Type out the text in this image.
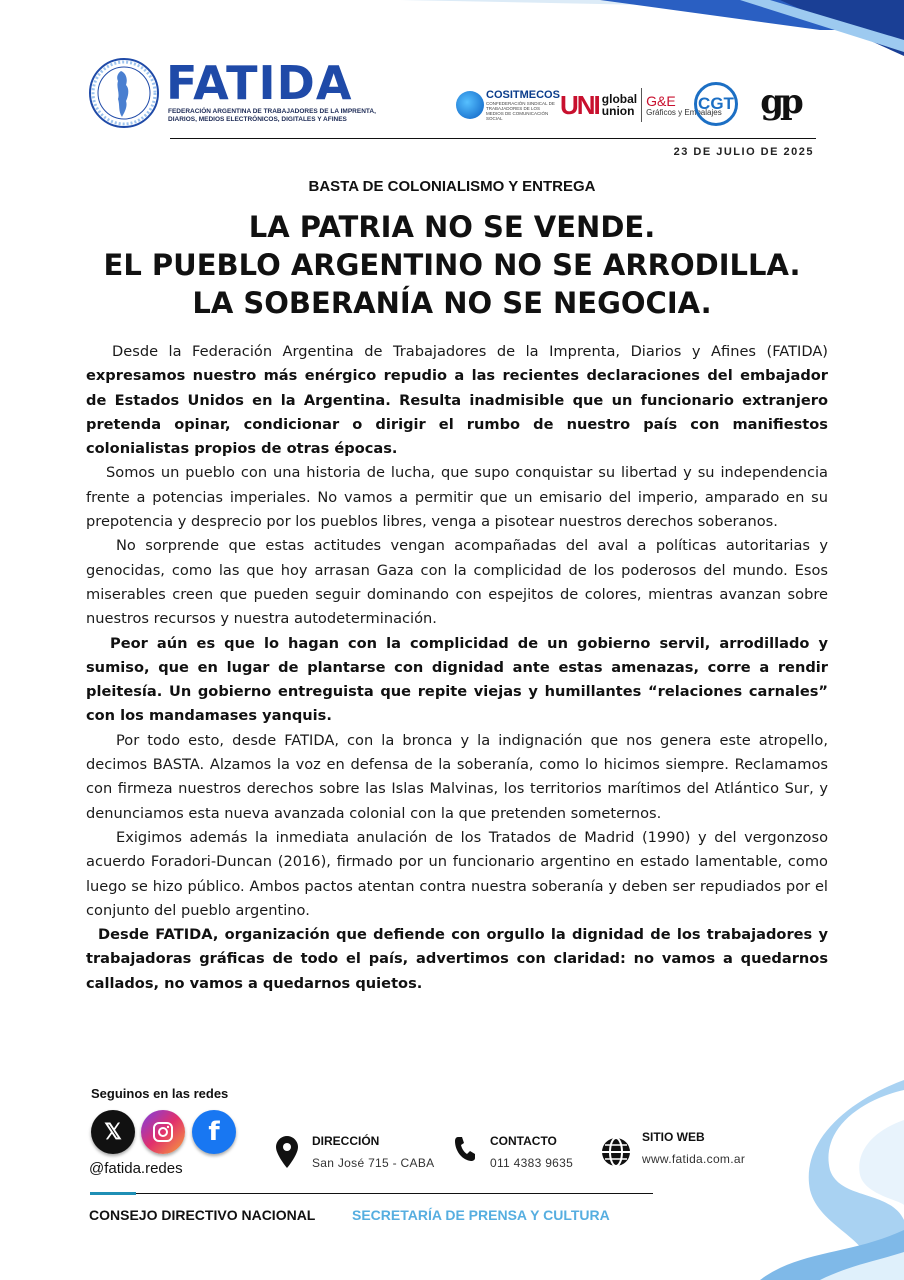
FATIDA
FEDERACIÓN ARGENTINA DE TRABAJADORES DE LA IMPRENTA, DIARIOS, MEDIOS ELECTRÓNICOS, DIGITALES Y AFINES
COSITMECOS
CONFEDERACIÓN SINDICAL DE TRABAJADORES DE LOS MEDIOS DE COMUNICACIÓN SOCIAL	UNI global
union
G&E
Gráficos y Embalajes
CGT gp
23 DE JULIO DE 2025
BASTA DE COLONIALISMO Y ENTREGA
LA PATRIA NO SE VENDE.
EL PUEBLO ARGENTINO NO SE ARRODILLA.
LA SOBERANÍA NO SE NEGOCIA.

Desde la Federación Argentina de Trabajadores de la Imprenta, Diarios y Afines (FATIDA) expresamos nuestro más enérgico repudio a las recientes declaraciones del embajador de Estados Unidos en la Argentina. Resulta inadmisible que un funcionario extranjero pretenda opinar, condicionar o dirigir el rumbo de nuestro país con manifiestos colonialistas propios de otras épocas.

Somos un pueblo con una historia de lucha, que supo conquistar su libertad y su independencia frente a potencias imperiales. No vamos a permitir que un emisario del imperio, amparado en su prepotencia y desprecio por los pueblos libres, venga a pisotear nuestros derechos soberanos.

No sorprende que estas actitudes vengan acompañadas del aval a políticas autoritarias y genocidas, como las que hoy arrasan Gaza con la complicidad de los poderosos del mundo. Esos miserables creen que pueden seguir dominando con espejitos de colores, mientras avanzan sobre nuestros recursos y nuestra autodeterminación.

Peor aún es que lo hagan con la complicidad de un gobierno servil, arrodillado y sumiso, que en lugar de plantarse con dignidad ante estas amenazas, corre a rendir pleitesía. Un gobierno entreguista que repite viejas y humillantes “relaciones carnales” con los mandamases yanquis.

Por todo esto, desde FATIDA, con la bronca y la indignación que nos genera este atropello, decimos BASTA. Alzamos la voz en defensa de la soberanía, como lo hicimos siempre. Reclamamos con firmeza nuestros derechos sobre las Islas Malvinas, los territorios marítimos del Atlántico Sur, y denunciamos esta nueva avanzada colonial con la que pretenden someternos.

Exigimos además la inmediata anulación de los Tratados de Madrid (1990) y del vergonzoso acuerdo Foradori-Duncan (2016), firmado por un funcionario argentino en estado lamentable, como luego se hizo público. Ambos pactos atentan contra nuestra soberanía y deben ser repudiados por el conjunto del pueblo argentino.

Desde FATIDA, organización que defiende con orgullo la dignidad de los trabajadores y trabajadoras gráficas de todo el país, advertimos con claridad: no vamos a quedarnos callados, no vamos a quedarnos quietos.

Seguinos en las redes
𝕏	f
@fatida.redes
DIRECCIÓN
San José 715 - CABA
CONTACTO
011 4383 9635
SITIO WEB
www.fatida.com.ar
CONSEJO DIRECTIVO NACIONAL	SECRETARÍA DE PRENSA Y CULTURA
